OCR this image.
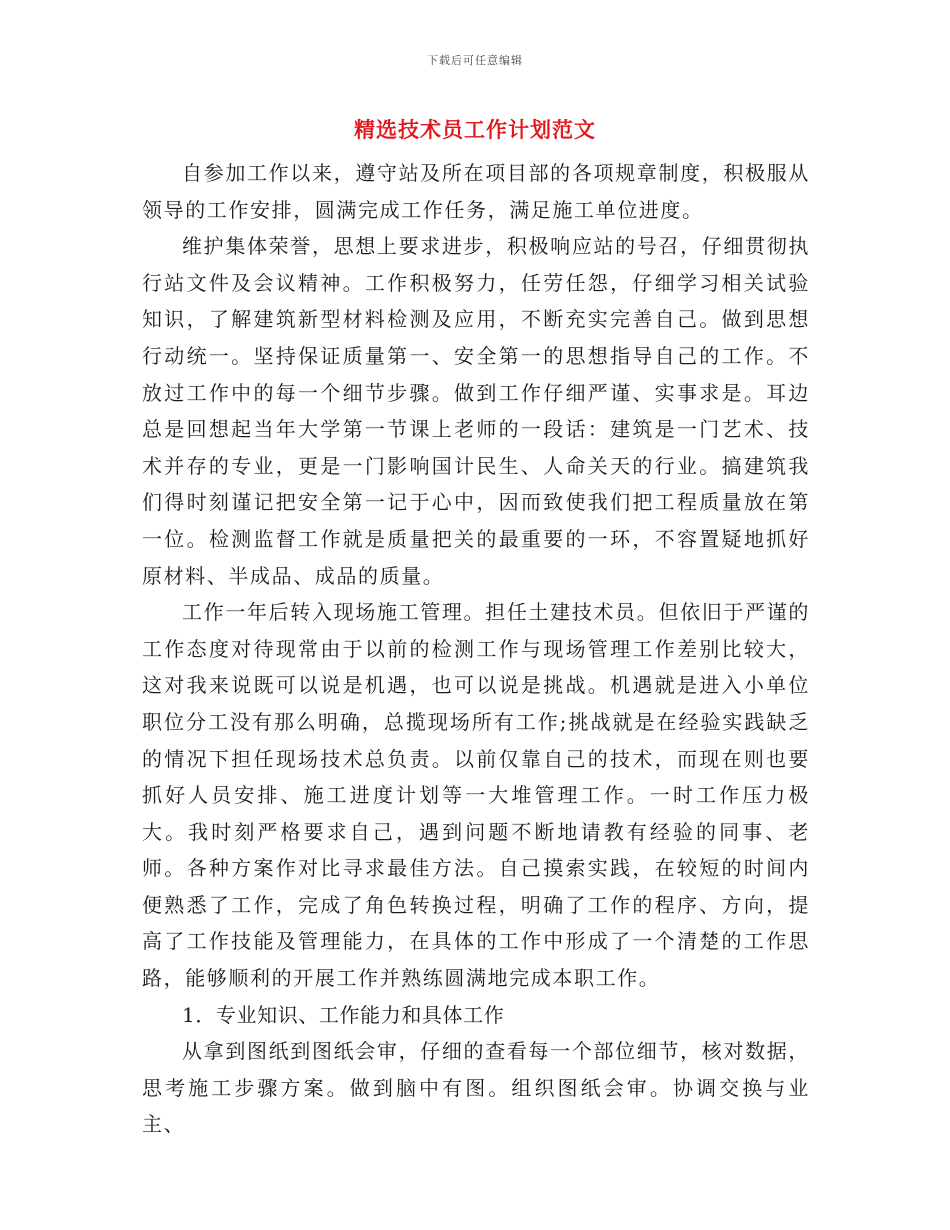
下载后可任意编辑
精选技术员工作计划范文

自参加工作以来，遵守站及所在项目部的各项规章制度，积极服从领导的工作安排，圆满完成工作任务，满足施工单位进度。

维护集体荣誉，思想上要求进步，积极响应站的号召，仔细贯彻执行站文件及会议精神。工作积极努力，任劳任怨，仔细学习相关试验知识，了解建筑新型材料检测及应用，不断充实完善自己。做到思想行动统一。坚持保证质量第一、安全第一的思想指导自己的工作。不放过工作中的每一个细节步骤。做到工作仔细严谨、实事求是。耳边总是回想起当年大学第一节课上老师的一段话：建筑是一门艺术、技术并存的专业，更是一门影响国计民生、人命关天的行业。搞建筑我们得时刻谨记把安全第一记于心中，因而致使我们把工程质量放在第一位。检测监督工作就是质量把关的最重要的一环，不容置疑地抓好原材料、半成品、成品的质量。

工作一年后转入现场施工管理。担任土建技术员。但依旧于严谨的工作态度对待现常由于以前的检测工作与现场管理工作差别比较大，这对我来说既可以说是机遇，也可以说是挑战。机遇就是进入小单位职位分工没有那么明确，总揽现场所有工作;挑战就是在经验实践缺乏的情况下担任现场技术总负责。以前仅靠自己的技术，而现在则也要抓好人员安排、施工进度计划等一大堆管理工作。一时工作压力极大。我时刻严格要求自己，遇到问题不断地请教有经验的同事、老师。各种方案作对比寻求最佳方法。自己摸索实践，在较短的时间内便熟悉了工作，完成了角色转换过程，明确了工作的程序、方向，提高了工作技能及管理能力，在具体的工作中形成了一个清楚的工作思路，能够顺利的开展工作并熟练圆满地完成本职工作。

1．专业知识、工作能力和具体工作

从拿到图纸到图纸会审，仔细的查看每一个部位细节，核对数据，思考施工步骤方案。做到脑中有图。组织图纸会审。协调交换与业主、
